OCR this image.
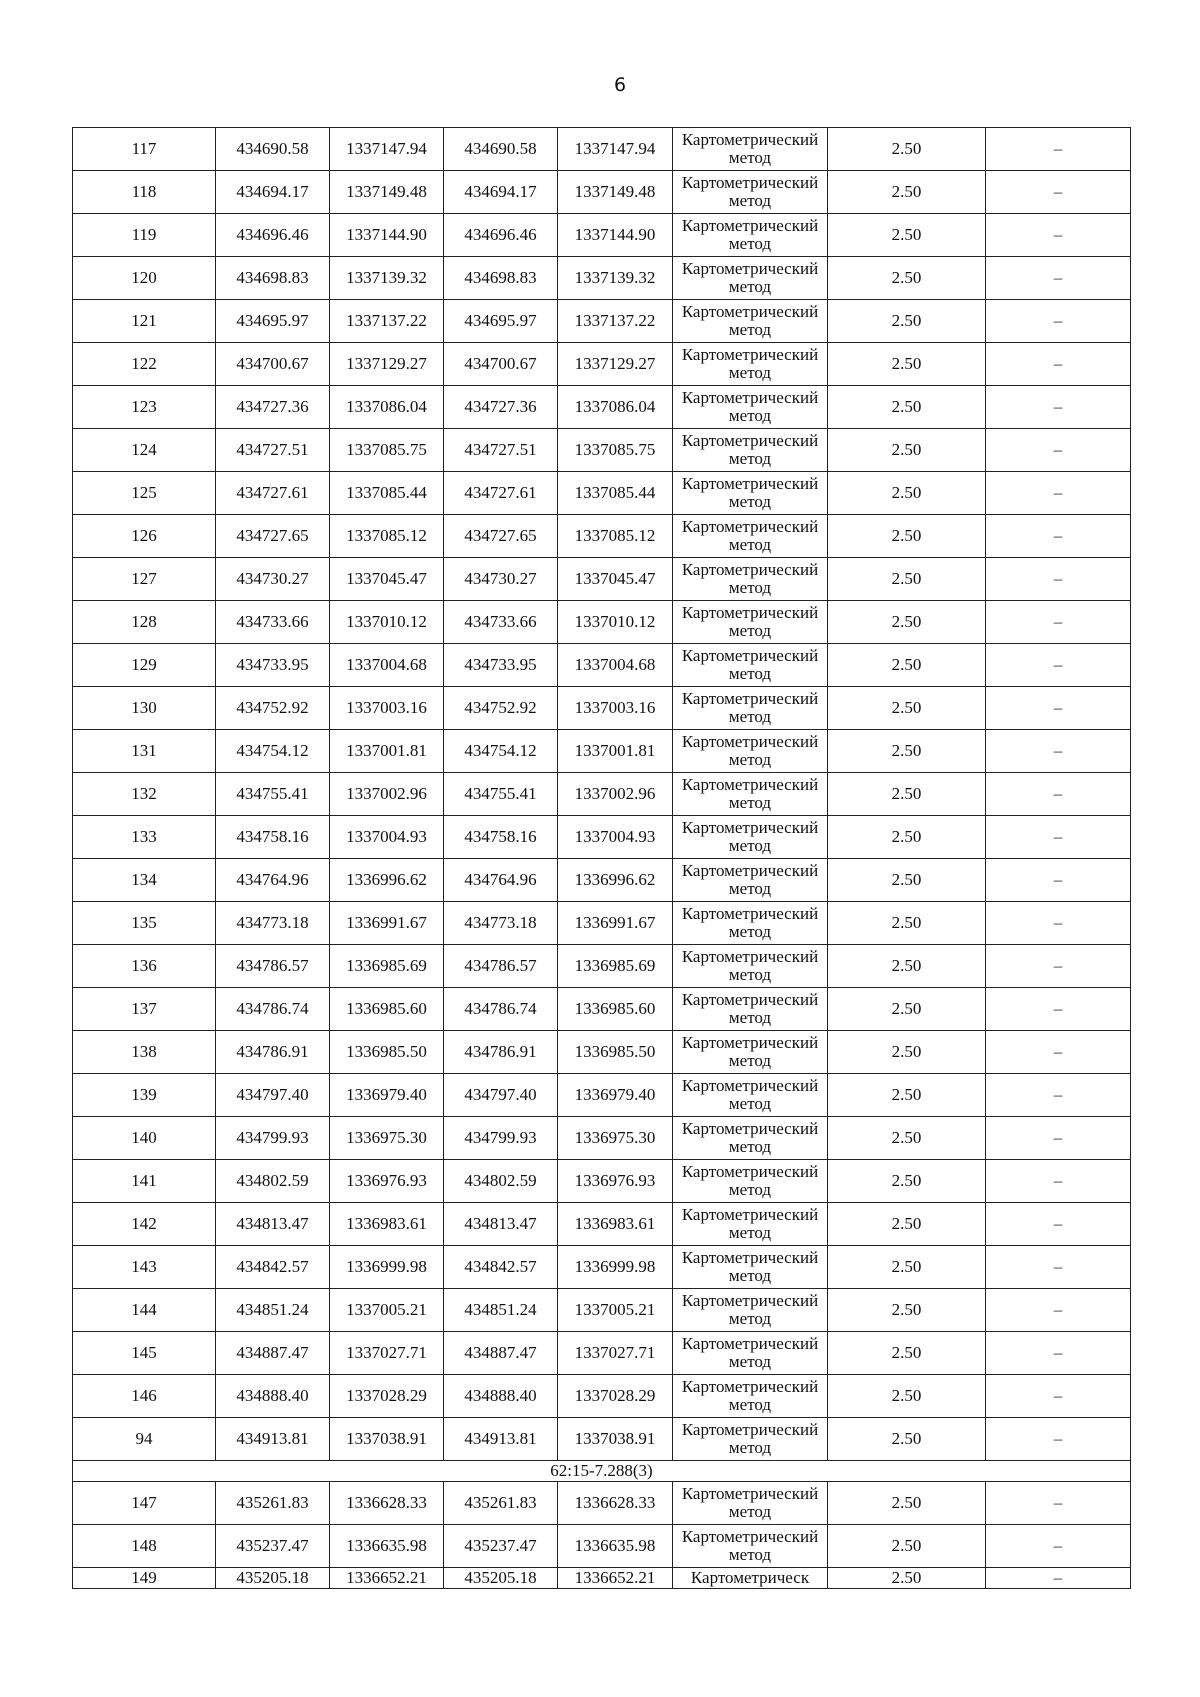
6
117	434690.58	1337147.94	434690.58	1337147.94	Картометрический метод	2.50	–
118	434694.17	1337149.48	434694.17	1337149.48	Картометрический метод	2.50	–
119	434696.46	1337144.90	434696.46	1337144.90	Картометрический метод	2.50	–
120	434698.83	1337139.32	434698.83	1337139.32	Картометрический метод	2.50	–
121	434695.97	1337137.22	434695.97	1337137.22	Картометрический метод	2.50	–
122	434700.67	1337129.27	434700.67	1337129.27	Картометрический метод	2.50	–
123	434727.36	1337086.04	434727.36	1337086.04	Картометрический метод	2.50	–
124	434727.51	1337085.75	434727.51	1337085.75	Картометрический метод	2.50	–
125	434727.61	1337085.44	434727.61	1337085.44	Картометрический метод	2.50	–
126	434727.65	1337085.12	434727.65	1337085.12	Картометрический метод	2.50	–
127	434730.27	1337045.47	434730.27	1337045.47	Картометрический метод	2.50	–
128	434733.66	1337010.12	434733.66	1337010.12	Картометрический метод	2.50	–
129	434733.95	1337004.68	434733.95	1337004.68	Картометрический метод	2.50	–
130	434752.92	1337003.16	434752.92	1337003.16	Картометрический метод	2.50	–
131	434754.12	1337001.81	434754.12	1337001.81	Картометрический метод	2.50	–
132	434755.41	1337002.96	434755.41	1337002.96	Картометрический метод	2.50	–
133	434758.16	1337004.93	434758.16	1337004.93	Картометрический метод	2.50	–
134	434764.96	1336996.62	434764.96	1336996.62	Картометрический метод	2.50	–
135	434773.18	1336991.67	434773.18	1336991.67	Картометрический метод	2.50	–
136	434786.57	1336985.69	434786.57	1336985.69	Картометрический метод	2.50	–
137	434786.74	1336985.60	434786.74	1336985.60	Картометрический метод	2.50	–
138	434786.91	1336985.50	434786.91	1336985.50	Картометрический метод	2.50	–
139	434797.40	1336979.40	434797.40	1336979.40	Картометрический метод	2.50	–
140	434799.93	1336975.30	434799.93	1336975.30	Картометрический метод	2.50	–
141	434802.59	1336976.93	434802.59	1336976.93	Картометрический метод	2.50	–
142	434813.47	1336983.61	434813.47	1336983.61	Картометрический метод	2.50	–
143	434842.57	1336999.98	434842.57	1336999.98	Картометрический метод	2.50	–
144	434851.24	1337005.21	434851.24	1337005.21	Картометрический метод	2.50	–
145	434887.47	1337027.71	434887.47	1337027.71	Картометрический метод	2.50	–
146	434888.40	1337028.29	434888.40	1337028.29	Картометрический метод	2.50	–
94	434913.81	1337038.91	434913.81	1337038.91	Картометрический метод	2.50	–
62:15-7.288(3)							
147	435261.83	1336628.33	435261.83	1336628.33	Картометрический метод	2.50	–
148	435237.47	1336635.98	435237.47	1336635.98	Картометрический метод	2.50	–
149	435205.18	1336652.21	435205.18	1336652.21	Картометрическ	2.50	–
